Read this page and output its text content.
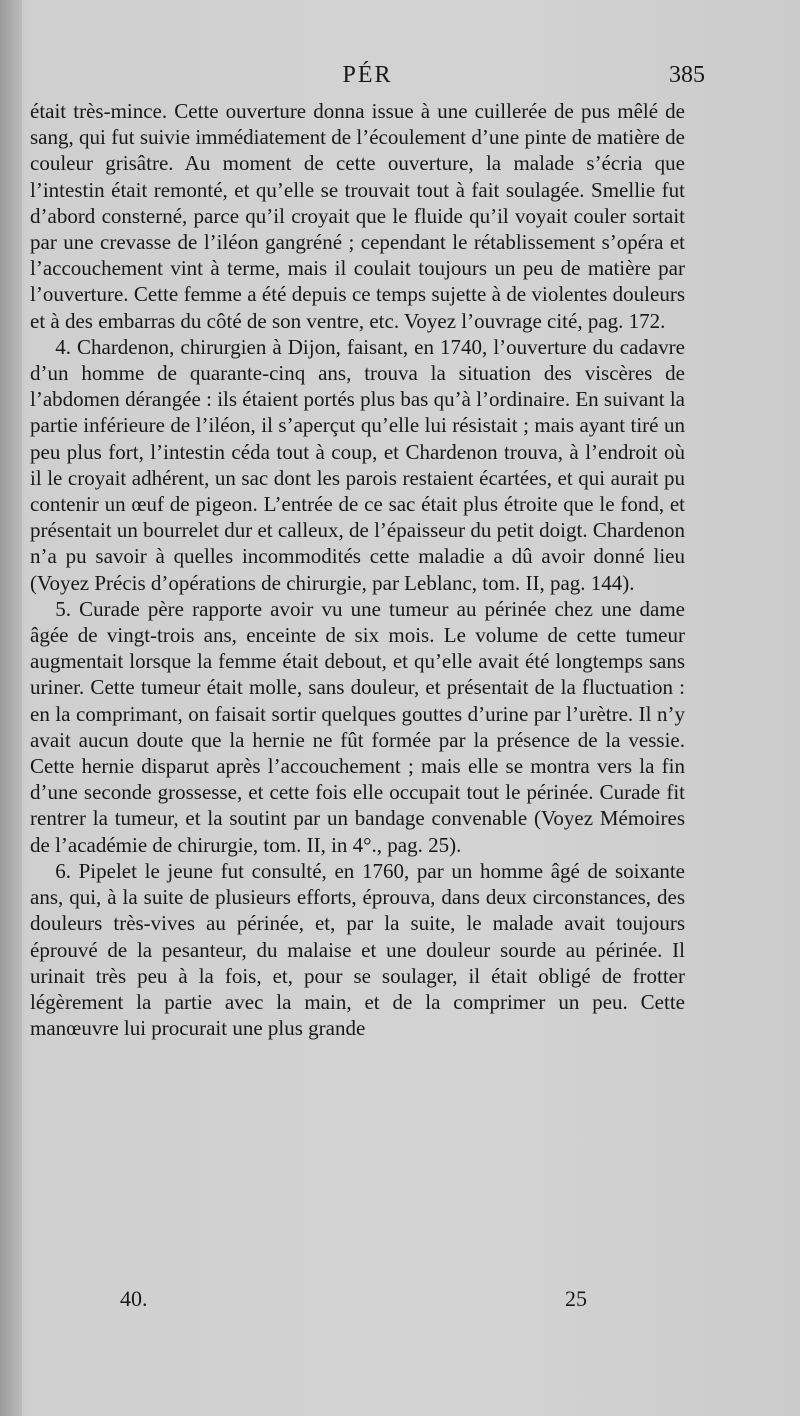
PÉR	385

était très-mince. Cette ouverture donna issue à une cuillerée de pus mêlé de sang, qui fut suivie immédiatement de l’écoulement d’une pinte de matière de couleur grisâtre. Au moment de cette ouverture, la malade s’écria que l’intestin était remonté, et qu’elle se trouvait tout à fait soulagée. Smellie fut d’abord consterné, parce qu’il croyait que le fluide qu’il voyait couler sortait par une crevasse de l’iléon gangréné ; cependant le rétablissement s’opéra et l’accouchement vint à terme, mais il coulait toujours un peu de matière par l’ouverture. Cette femme a été depuis ce temps sujette à de violentes douleurs et à des embarras du côté de son ventre, etc. Voyez l’ouvrage cité, pag. 172.

4. Chardenon, chirurgien à Dijon, faisant, en 1740, l’ouverture du cadavre d’un homme de quarante-cinq ans, trouva la situation des viscères de l’abdomen dérangée : ils étaient portés plus bas qu’à l’ordinaire. En suivant la partie inférieure de l’iléon, il s’aperçut qu’elle lui résistait ; mais ayant tiré un peu plus fort, l’intestin céda tout à coup, et Chardenon trouva, à l’endroit où il le croyait adhérent, un sac dont les parois restaient écartées, et qui aurait pu contenir un œuf de pigeon. L’entrée de ce sac était plus étroite que le fond, et présentait un bourrelet dur et calleux, de l’épaisseur du petit doigt. Chardenon n’a pu savoir à quelles incommodités cette maladie a dû avoir donné lieu (Voyez Précis d’opérations de chirurgie, par Leblanc, tom. II, pag. 144).

5. Curade père rapporte avoir vu une tumeur au périnée chez une dame âgée de vingt-trois ans, enceinte de six mois. Le volume de cette tumeur augmentait lorsque la femme était debout, et qu’elle avait été longtemps sans uriner. Cette tumeur était molle, sans douleur, et présentait de la fluctuation : en la comprimant, on faisait sortir quelques gouttes d’urine par l’urètre. Il n’y avait aucun doute que la hernie ne fût formée par la présence de la vessie. Cette hernie disparut après l’accouchement ; mais elle se montra vers la fin d’une seconde grossesse, et cette fois elle occupait tout le périnée. Curade fit rentrer la tumeur, et la soutint par un bandage convenable (Voyez Mémoires de l’académie de chirurgie, tom. II, in 4°., pag. 25).

6. Pipelet le jeune fut consulté, en 1760, par un homme âgé de soixante ans, qui, à la suite de plusieurs efforts, éprouva, dans deux circonstances, des douleurs très-vives au périnée, et, par la suite, le malade avait toujours éprouvé de la pesanteur, du malaise et une douleur sourde au périnée. Il urinait très peu à la fois, et, pour se soulager, il était obligé de frotter légèrement la partie avec la main, et de la comprimer un peu. Cette manœuvre lui procurait une plus grande

40.	25
